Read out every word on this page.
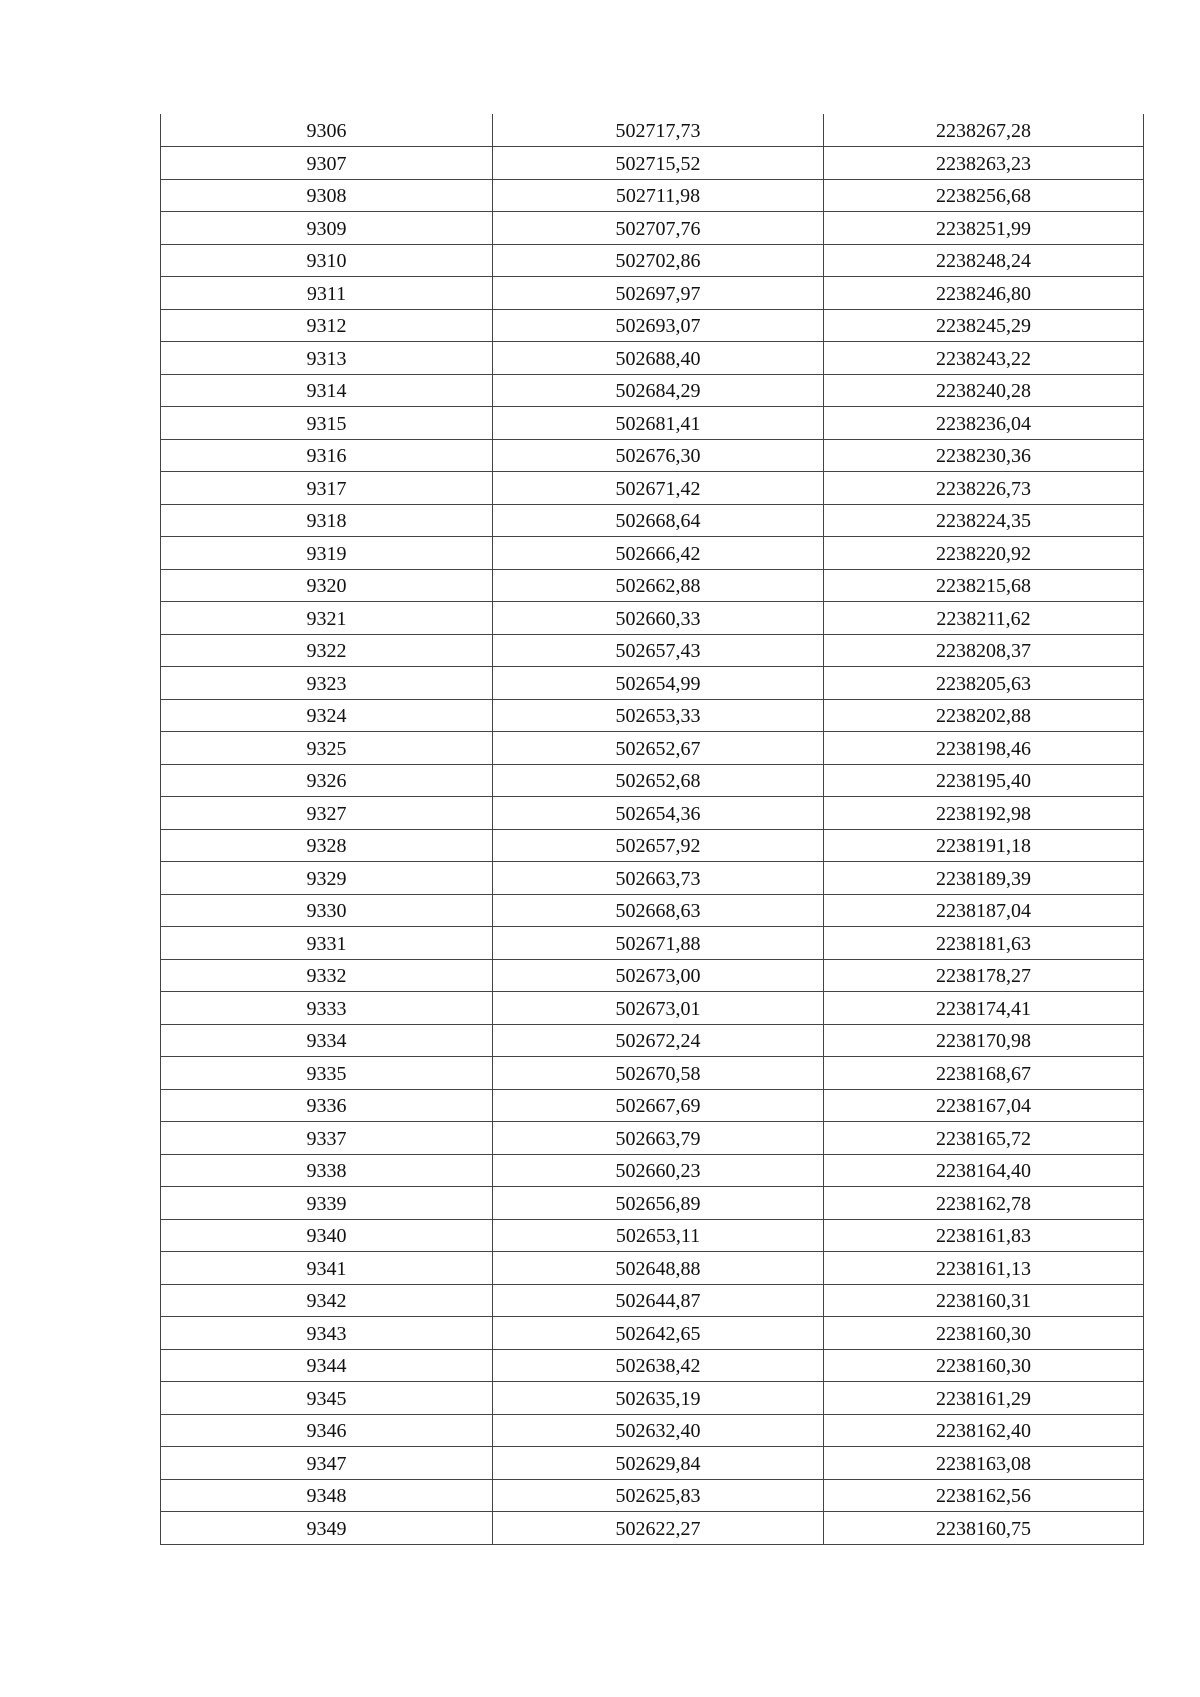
9306	502717,73	2238267,28
9307	502715,52	2238263,23
9308	502711,98	2238256,68
9309	502707,76	2238251,99
9310	502702,86	2238248,24
9311	502697,97	2238246,80
9312	502693,07	2238245,29
9313	502688,40	2238243,22
9314	502684,29	2238240,28
9315	502681,41	2238236,04
9316	502676,30	2238230,36
9317	502671,42	2238226,73
9318	502668,64	2238224,35
9319	502666,42	2238220,92
9320	502662,88	2238215,68
9321	502660,33	2238211,62
9322	502657,43	2238208,37
9323	502654,99	2238205,63
9324	502653,33	2238202,88
9325	502652,67	2238198,46
9326	502652,68	2238195,40
9327	502654,36	2238192,98
9328	502657,92	2238191,18
9329	502663,73	2238189,39
9330	502668,63	2238187,04
9331	502671,88	2238181,63
9332	502673,00	2238178,27
9333	502673,01	2238174,41
9334	502672,24	2238170,98
9335	502670,58	2238168,67
9336	502667,69	2238167,04
9337	502663,79	2238165,72
9338	502660,23	2238164,40
9339	502656,89	2238162,78
9340	502653,11	2238161,83
9341	502648,88	2238161,13
9342	502644,87	2238160,31
9343	502642,65	2238160,30
9344	502638,42	2238160,30
9345	502635,19	2238161,29
9346	502632,40	2238162,40
9347	502629,84	2238163,08
9348	502625,83	2238162,56
9349	502622,27	2238160,75
